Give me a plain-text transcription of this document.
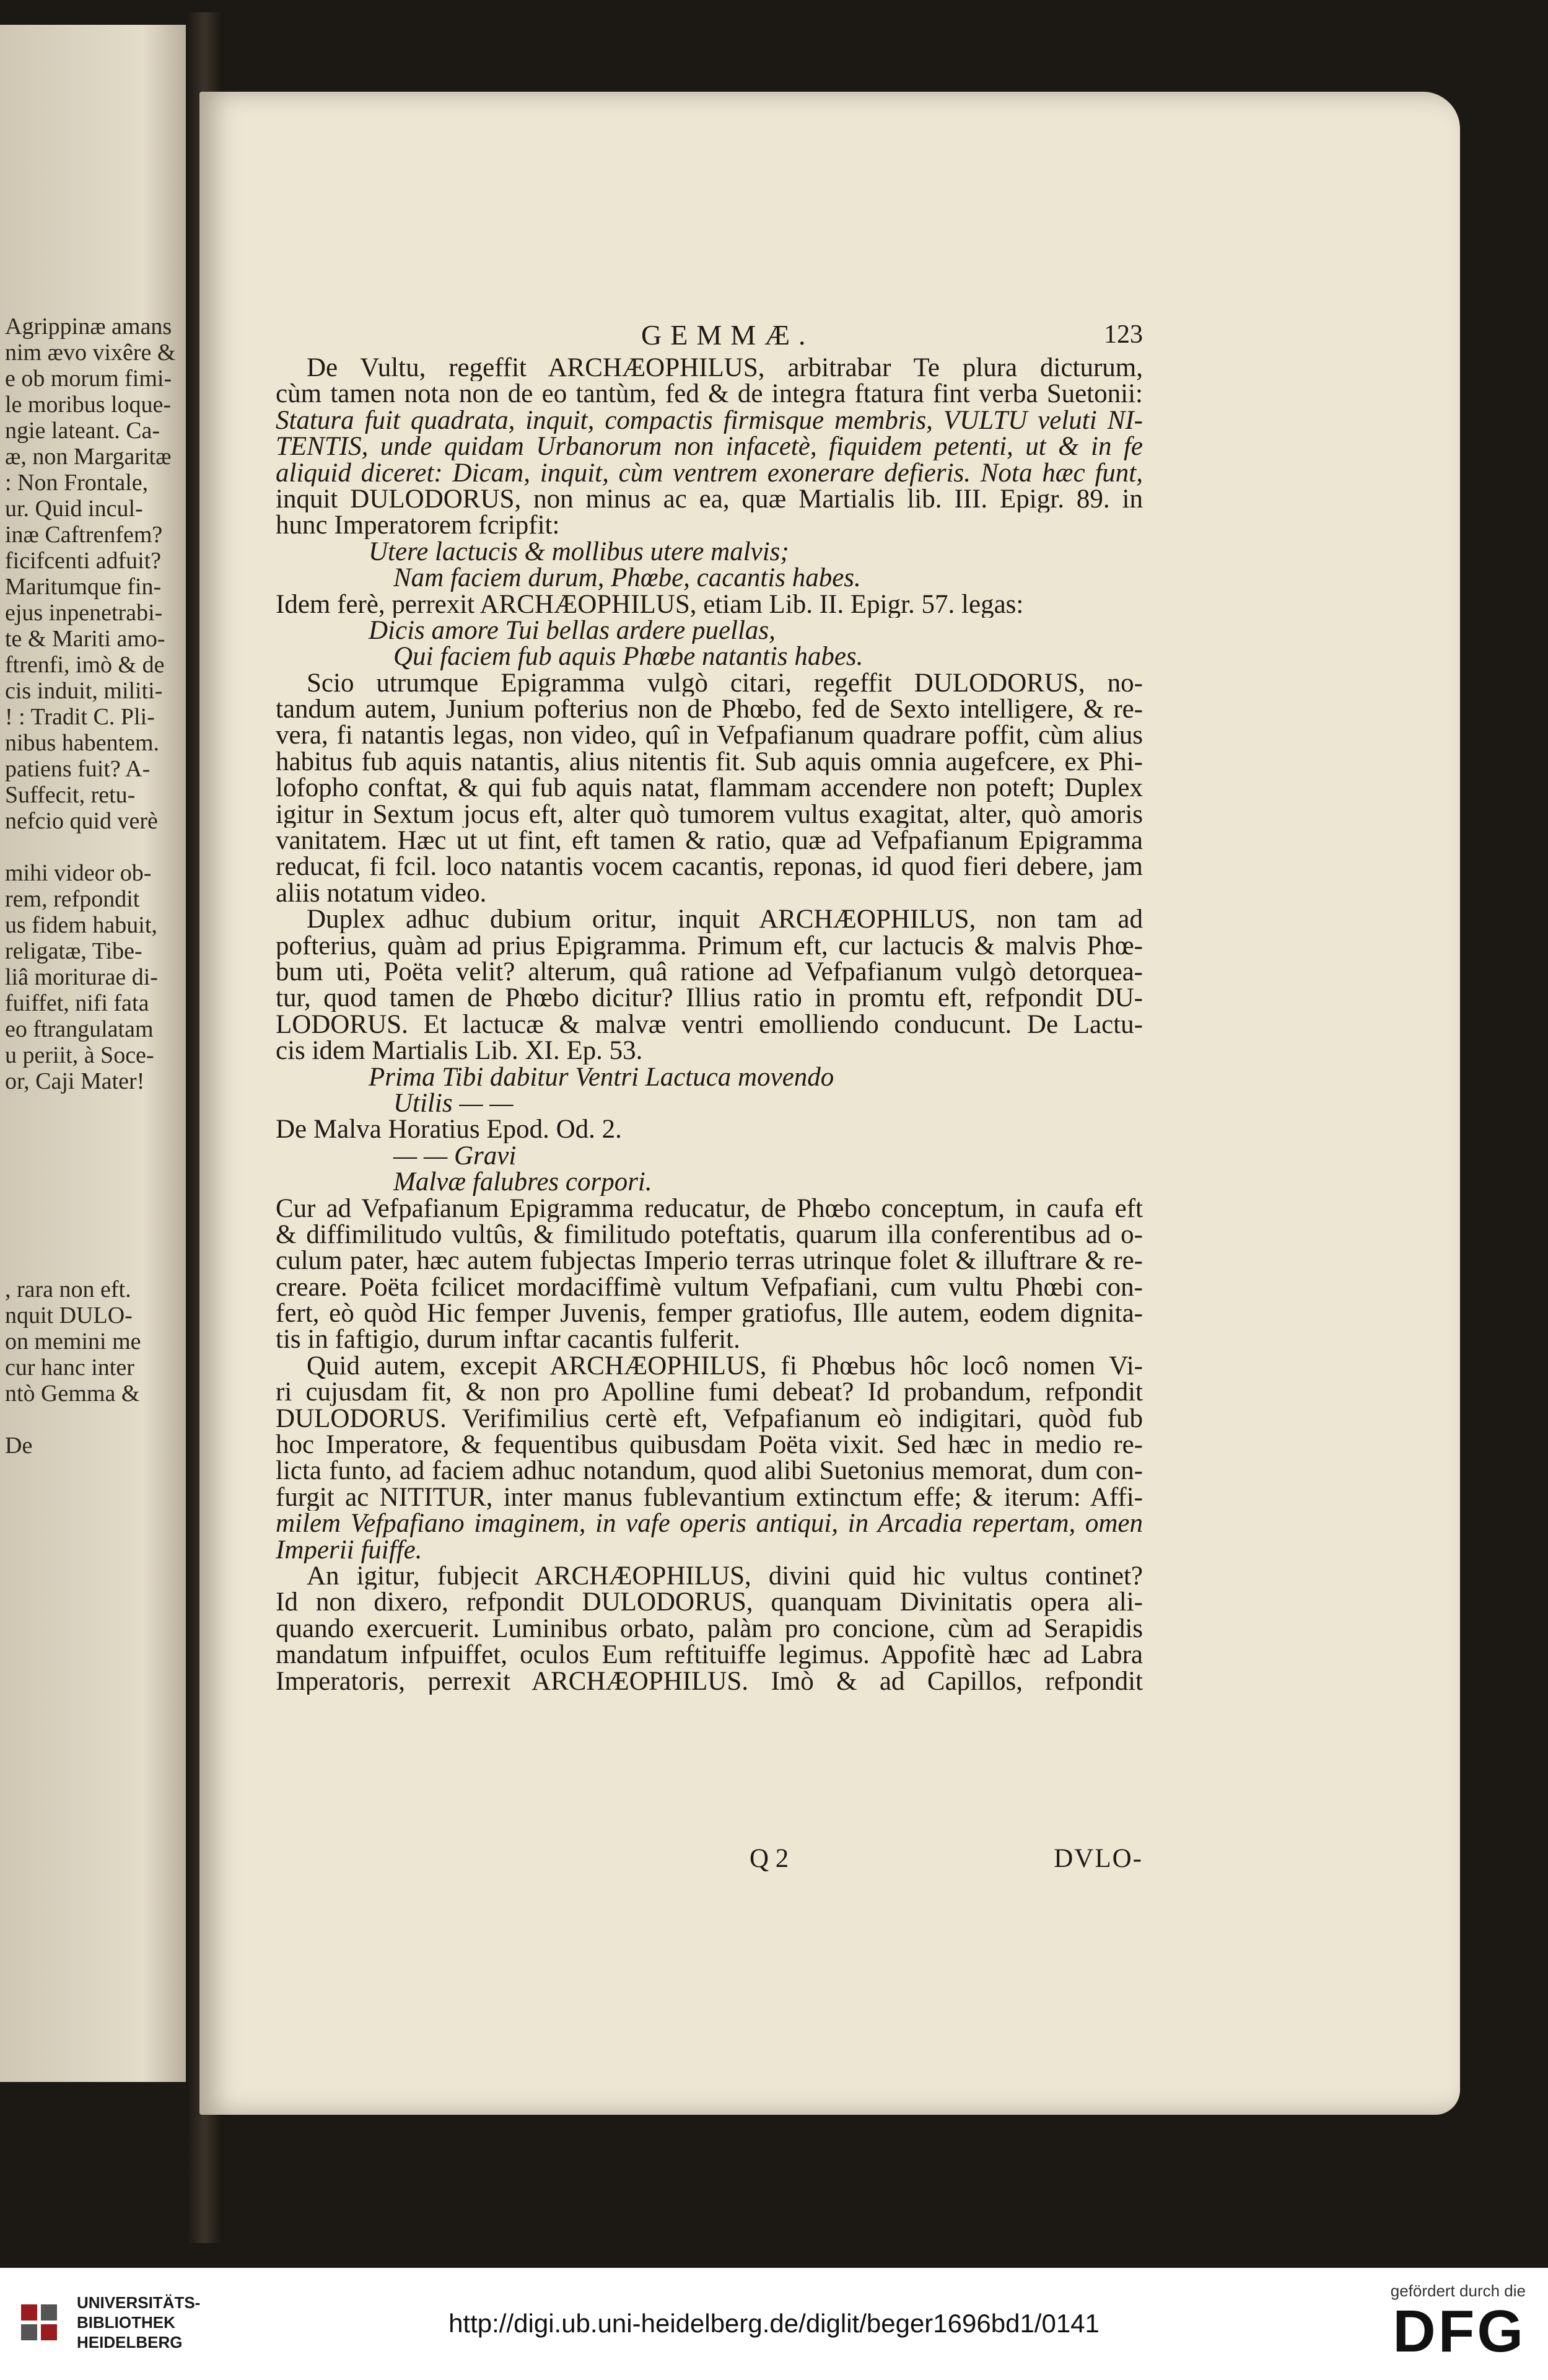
Agrippinæ amans
nim ævo vixêre &
e ob morum fimi-
le moribus loque-
ngie lateant. Ca-
æ, non Margaritæ
: Non Frontale,
ur. Quid incul-
inæ Caftrenfem?
ficifcenti adfuit?
Maritumque fin-
ejus inpenetrabi-
te & Mariti amo-
ftrenfi, imò & de
cis induit, militi-
! : Tradit C. Pli-
nibus habentem.
patiens fuit? A-
Suffecit, retu-
nefcio quid verè
mihi videor ob-
rem, refpondit
us fidem habuit,
religatæ, Tibe-
liâ moriturae di-
fuiffet, nifi fata
eo ftrangulatam
u periit, à Soce-
or, Caji Mater!
, rara non eft.
nquit DULO-
on memini me
cur hanc inter
ntò Gemma &
De
GEMMÆ.	123
De Vultu, regeffit ARCHÆOPHILUS, arbitrabar Te plura dicturum,
cùm tamen nota non de eo tantùm, fed & de integra ftatura fint verba Suetonii:
Statura fuit quadrata, inquit, compactis firmisque membris, VULTU veluti NI-
TENTIS, unde quidam Urbanorum non infacetè, fiquidem petenti, ut & in fe
aliquid diceret: Dicam, inquit, cùm ventrem exonerare defieris. Nota hæc funt,
inquit DULODORUS, non minus ac ea, quæ Martialis lib. III. Epigr. 89. in
hunc Imperatorem fcripfit:
Utere lactucis & mollibus utere malvis;
Nam faciem durum, Phœbe, cacantis habes.
Idem ferè, perrexit ARCHÆOPHILUS, etiam Lib. II. Epigr. 57. legas:
Dicis amore Tui bellas ardere puellas,
Qui faciem fub aquis Phœbe natantis habes.
Scio utrumque Epigramma vulgò citari, regeffit DULODORUS, no-
tandum autem, Junium pofterius non de Phœbo, fed de Sexto intelligere, & re-
vera, fi natantis legas, non video, quî in Vefpafianum quadrare poffit, cùm alius
habitus fub aquis natantis, alius nitentis fit. Sub aquis omnia augefcere, ex Phi-
lofopho conftat, & qui fub aquis natat, flammam accendere non poteft; Duplex
igitur in Sextum jocus eft, alter quò tumorem vultus exagitat, alter, quò amoris
vanitatem. Hæc ut ut fint, eft tamen & ratio, quæ ad Vefpafianum Epigramma
reducat, fi fcil. loco natantis vocem cacantis, reponas, id quod fieri debere, jam
aliis notatum video.
Duplex adhuc dubium oritur, inquit ARCHÆOPHILUS, non tam ad
pofterius, quàm ad prius Epigramma. Primum eft, cur lactucis & malvis Phœ-
bum uti, Poëta velit? alterum, quâ ratione ad Vefpafianum vulgò detorquea-
tur, quod tamen de Phœbo dicitur? Illius ratio in promtu eft, refpondit DU-
LODORUS. Et lactucæ & malvæ ventri emolliendo conducunt. De Lactu-
cis idem Martialis Lib. XI. Ep. 53.
Prima Tibi dabitur Ventri Lactuca movendo
Utilis — —
De Malva Horatius Epod. Od. 2.
— — Gravi
Malvæ falubres corpori.
Cur ad Vefpafianum Epigramma reducatur, de Phœbo conceptum, in caufa eft
& diffimilitudo vultûs, & fimilitudo poteftatis, quarum illa conferentibus ad o-
culum pater, hæc autem fubjectas Imperio terras utrinque folet & illuftrare & re-
creare. Poëta fcilicet mordaciffimè vultum Vefpafiani, cum vultu Phœbi con-
fert, eò quòd Hic femper Juvenis, femper gratiofus, Ille autem, eodem dignita-
tis in faftigio, durum inftar cacantis fulferit.
Quid autem, excepit ARCHÆOPHILUS, fi Phœbus hôc locô nomen Vi-
ri cujusdam fit, & non pro Apolline fumi debeat? Id probandum, refpondit
DULODORUS. Verifimilius certè eft, Vefpafianum eò indigitari, quòd fub
hoc Imperatore, & fequentibus quibusdam Poëta vixit. Sed hæc in medio re-
licta funto, ad faciem adhuc notandum, quod alibi Suetonius memorat, dum con-
furgit ac NITITUR, inter manus fublevantium extinctum effe; & iterum: Affi-
milem Vefpafiano imaginem, in vafe operis antiqui, in Arcadia repertam, omen
Imperii fuiffe.
An igitur, fubjecit ARCHÆOPHILUS, divini quid hic vultus continet?
Id non dixero, refpondit DULODORUS, quanquam Divinitatis opera ali-
quando exercuerit. Luminibus orbato, palàm pro concione, cùm ad Serapidis
mandatum infpuiffet, oculos Eum reftituiffe legimus. Appofitè hæc ad Labra
Imperatoris, perrexit ARCHÆOPHILUS. Imò & ad Capillos, refpondit
Q 2	DVLO-
UNIVERSITÄTS-
BIBLIOTHEK
HEIDELBERG
http://digi.ub.uni-heidelberg.de/diglit/beger1696bd1/0141
gefördert durch die
DFG
